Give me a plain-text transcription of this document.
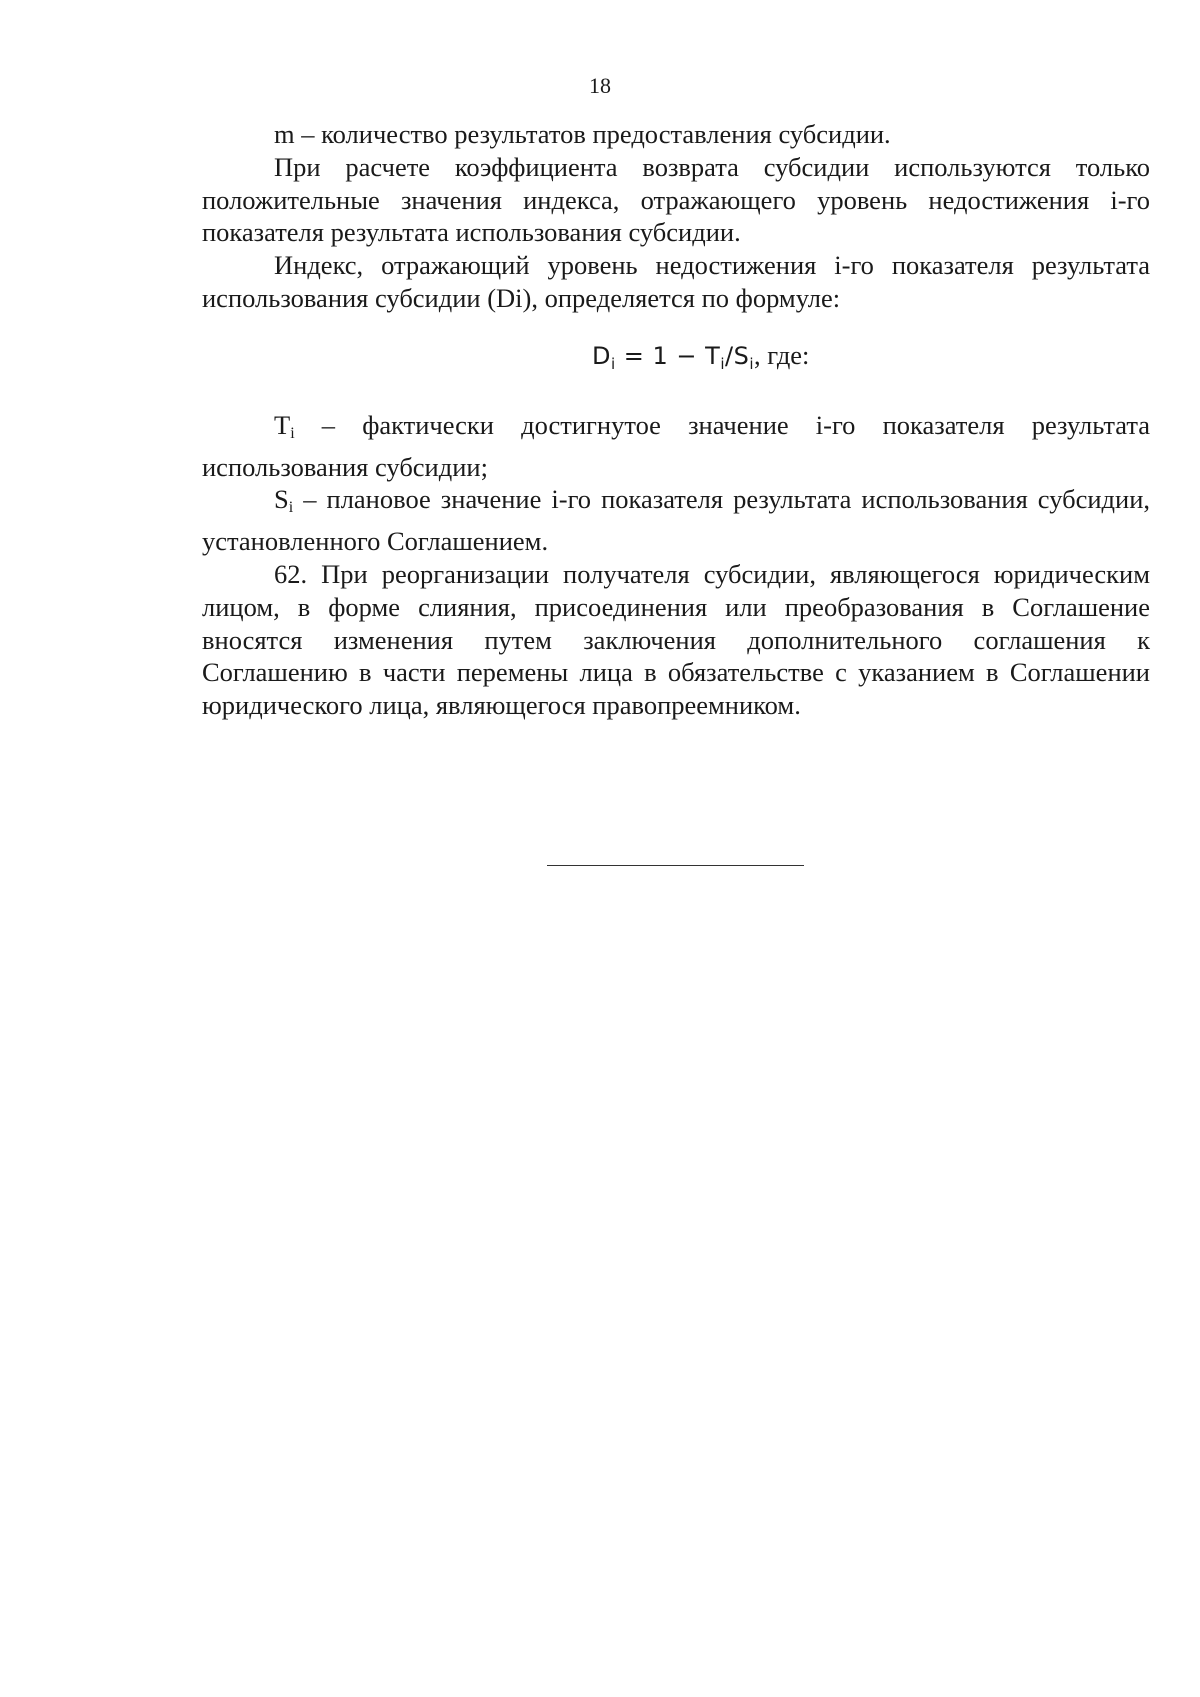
18

m – количество результатов предоставления субсидии.

При расчете коэффициента возврата субсидии используются только положительные значения индекса, отражающего уровень недостижения i-го показателя результата использования субсидии.

Индекс, отражающий уровень недостижения i-го показателя результата использования субсидии (Di), определяется по формуле:

$D_i = 1 - T_i/S_i$, где:

Ti – фактически достигнутое значение i-го показателя результата использования субсидии;

Si – плановое значение i-го показателя результата использования субсидии, установленного Соглашением.

62. При реорганизации получателя субсидии, являющегося юридическим лицом, в форме слияния, присоединения или преобразования в Соглашение вносятся изменения путем заключения дополнительного соглашения к Соглашению в части перемены лица в обязательстве с указанием в Соглашении юридического лица, являющегося правопреемником.
